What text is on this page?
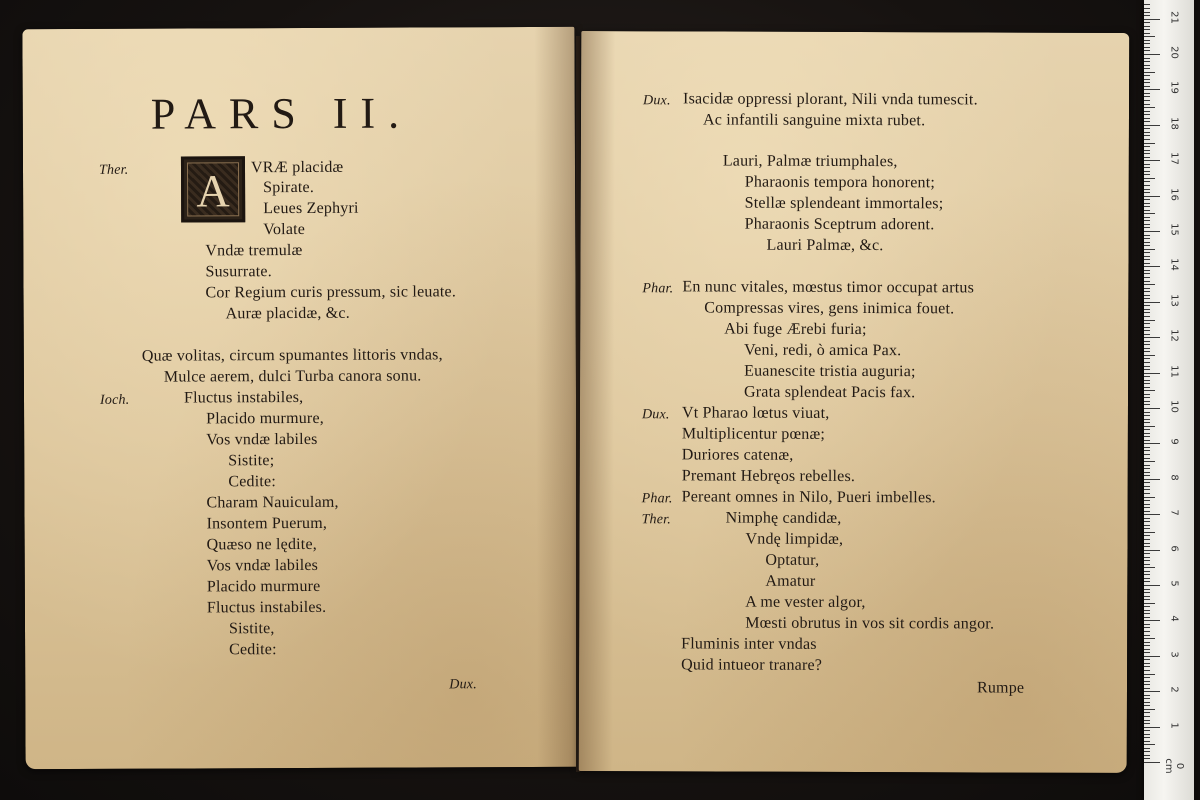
PARS II.
A
Ther.	VRÆ placidæ
Spirate.
Leues Zephyri
Volate
Vndæ tremulæ
Susurrate.
Cor Regium curis pressum, sic leuate.
Auræ placidæ, &c.
Quæ volitas, circum spumantes littoris vndas,
Mulce aerem, dulci Turba canora sonu.
Ioch.	Fluctus instabiles,
Placido murmure,
Vos vndæ labiles
Sistite;
Cedite:
Charam Nauiculam,
Insontem Puerum,
Quæso ne lędite,
Vos vndæ labiles
Placido murmure
Fluctus instabiles.
Sistite,
Cedite:
Dux.
Dux. Isacidæ oppressi plorant, Nili vnda tumescit.
Ac infantili sanguine mixta rubet.
Lauri, Palmæ triumphales,
Pharaonis tempora honorent;
Stellæ splendeant immortales;
Pharaonis Sceptrum adorent.
Lauri Palmæ, &c.
Phar. En nunc vitales, mœstus timor occupat artus
Compressas vires, gens inimica fouet.
Abi fuge Ærebi furia;
Veni, redi, ò amica Pax.
Euanescite tristia auguria;
Grata splendeat Pacis fax.
Dux. Vt Pharao lœtus viuat,
Multiplicentur pœnæ;
Duriores catenæ,
Premant Hebręos rebelles.
Phar. Pereant omnes in Nilo, Pueri imbelles.
Ther.	Nimphę candidæ,
Vndę limpidæ,
Optatur,
Amatur
A me vester algor,
Mœsti obrutus in vos sit cordis angor.
Fluminis inter vndas
Quid intueor tranare?
Rumpe
0 cm
1
2
3
4
5
6
7
8
9
10
11
12
13
14
15
16
17
18
19
20
21
